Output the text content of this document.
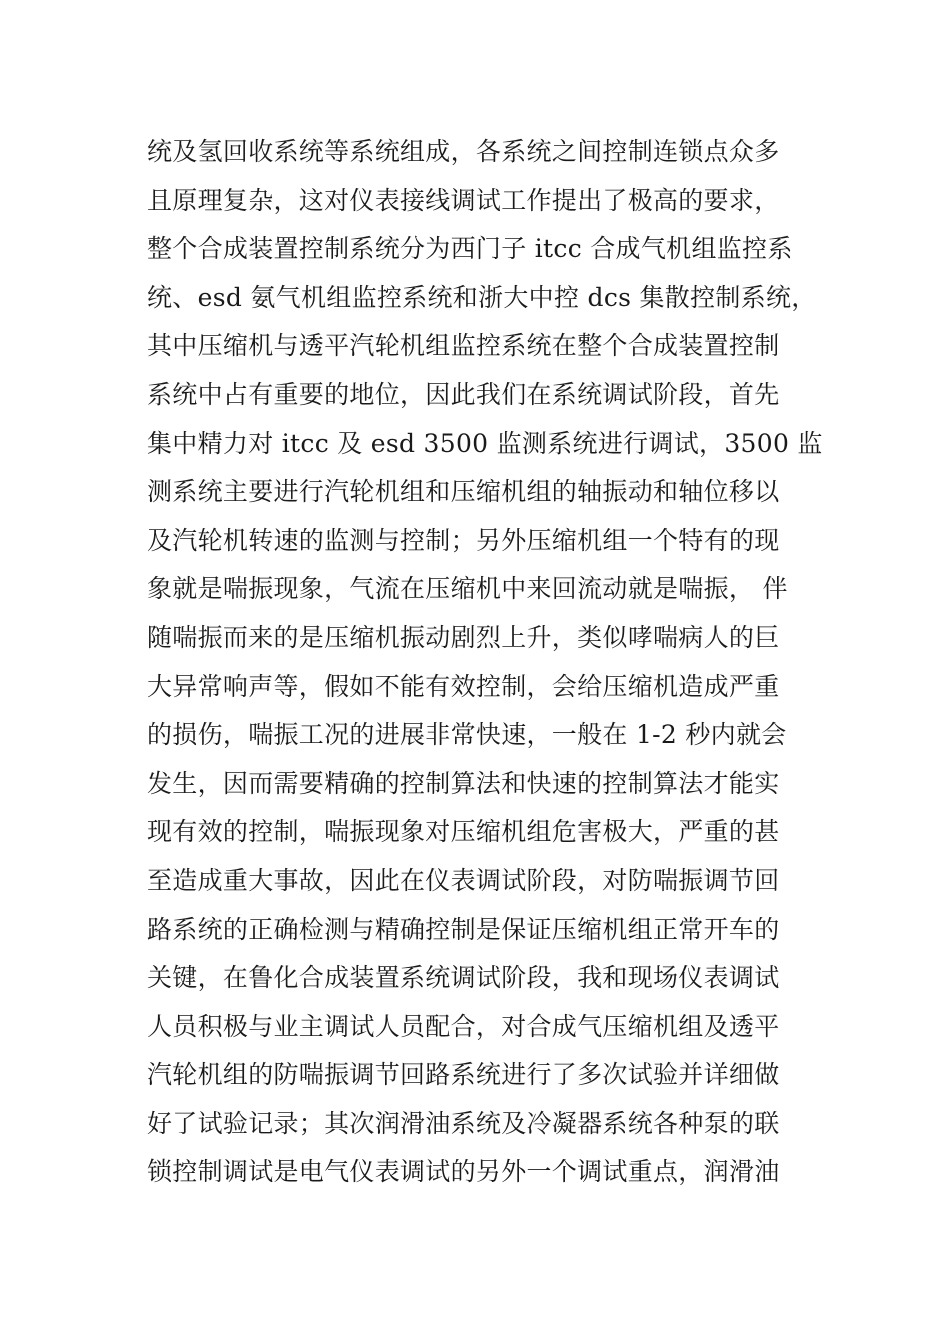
统及氢回收系统等系统组成，各系统之间控制连锁点众多
且原理复杂，这对仪表接线调试工作提出了极高的要求，
整个合成装置控制系统分为西门子 itcc 合成气机组监控系
统、esd 氨气机组监控系统和浙大中控 dcs 集散控制系统，
其中压缩机与透平汽轮机组监控系统在整个合成装置控制
系统中占有重要的地位，因此我们在系统调试阶段，首先
集中精力对 itcc 及 esd 3500 监测系统进行调试，3500 监
测系统主要进行汽轮机组和压缩机组的轴振动和轴位移以
及汽轮机转速的监测与控制；另外压缩机组一个特有的现
象就是喘振现象，气流在压缩机中来回流动就是喘振， 伴
随喘振而来的是压缩机振动剧烈上升，类似哮喘病人的巨
大异常响声等，假如不能有效控制，会给压缩机造成严重
的损伤，喘振工况的进展非常快速，一般在 1-2 秒内就会
发生，因而需要精确的控制算法和快速的控制算法才能实
现有效的控制，喘振现象对压缩机组危害极大，严重的甚
至造成重大事故，因此在仪表调试阶段，对防喘振调节回
路系统的正确检测与精确控制是保证压缩机组正常开车的
关键，在鲁化合成装置系统调试阶段，我和现场仪表调试
人员积极与业主调试人员配合，对合成气压缩机组及透平
汽轮机组的防喘振调节回路系统进行了多次试验并详细做
好了试验记录；其次润滑油系统及冷凝器系统各种泵的联
锁控制调试是电气仪表调试的另外一个调试重点，润滑油
